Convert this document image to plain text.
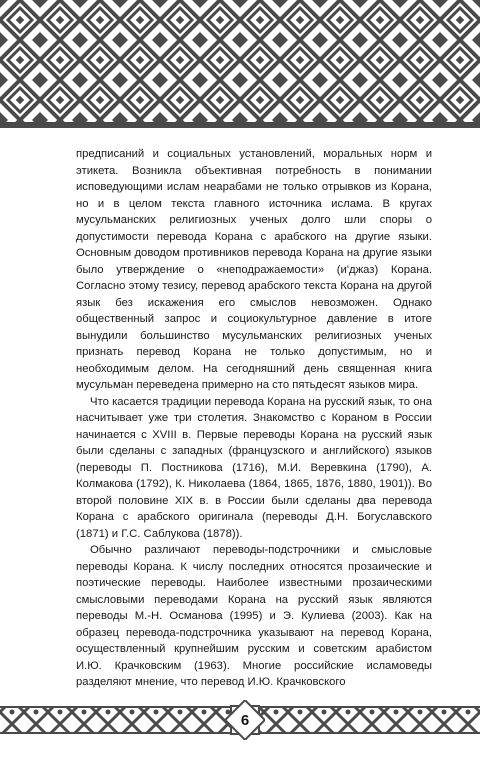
предписаний и социальных установлений, моральных норм и этикета. Возникла объективная потребность в понимании исповедующими ислам неарабами не только отрывков из Корана, но и в целом текста главного источника ислама. В кругах мусульманских религиозных ученых долго шли споры о допустимости перевода Корана с арабского на другие языки. Основным доводом противников перевода Корана на другие языки было утверждение о «неподражаемости» (и'джаз) Корана. Согласно этому тезису, перевод арабского текста Корана на другой язык без искажения его смыслов невозможен. Однако общественный запрос и социокультурное давление в итоге вынудили большинство мусульманских религиозных ученых признать перевод Корана не только допустимым, но и необходимым делом. На сегодняшний день священная книга мусульман переведена примерно на сто пятьдесят языков мира.

Что касается традиции перевода Корана на русский язык, то она насчитывает уже три столетия. Знакомство с Кораном в России начинается с XVIII в. Первые переводы Корана на русский язык были сделаны с западных (французского и английского) языков (переводы П. Постникова (1716), М.И. Веревкина (1790), А. Колмакова (1792), К. Николаева (1864, 1865, 1876, 1880, 1901)). Во второй половине XIX в. в России были сделаны два перевода Корана с арабского оригинала (переводы Д.Н. Богуславского (1871) и Г.С. Саблукова (1878)).

Обычно различают переводы-подстрочники и смысловые переводы Корана. К числу последних относятся прозаические и поэтические переводы. Наиболее известными прозаическими смысловыми переводами Корана на русский язык являются переводы М.-Н. Османова (1995) и Э. Кулиева (2003). Как на образец перевода-подстрочника указывают на перевод Корана, осуществленный крупнейшим русским и советским арабистом И.Ю. Крачковским (1963). Многие российские исламоведы разделяют мнение, что перевод И.Ю. Крачковского

6
